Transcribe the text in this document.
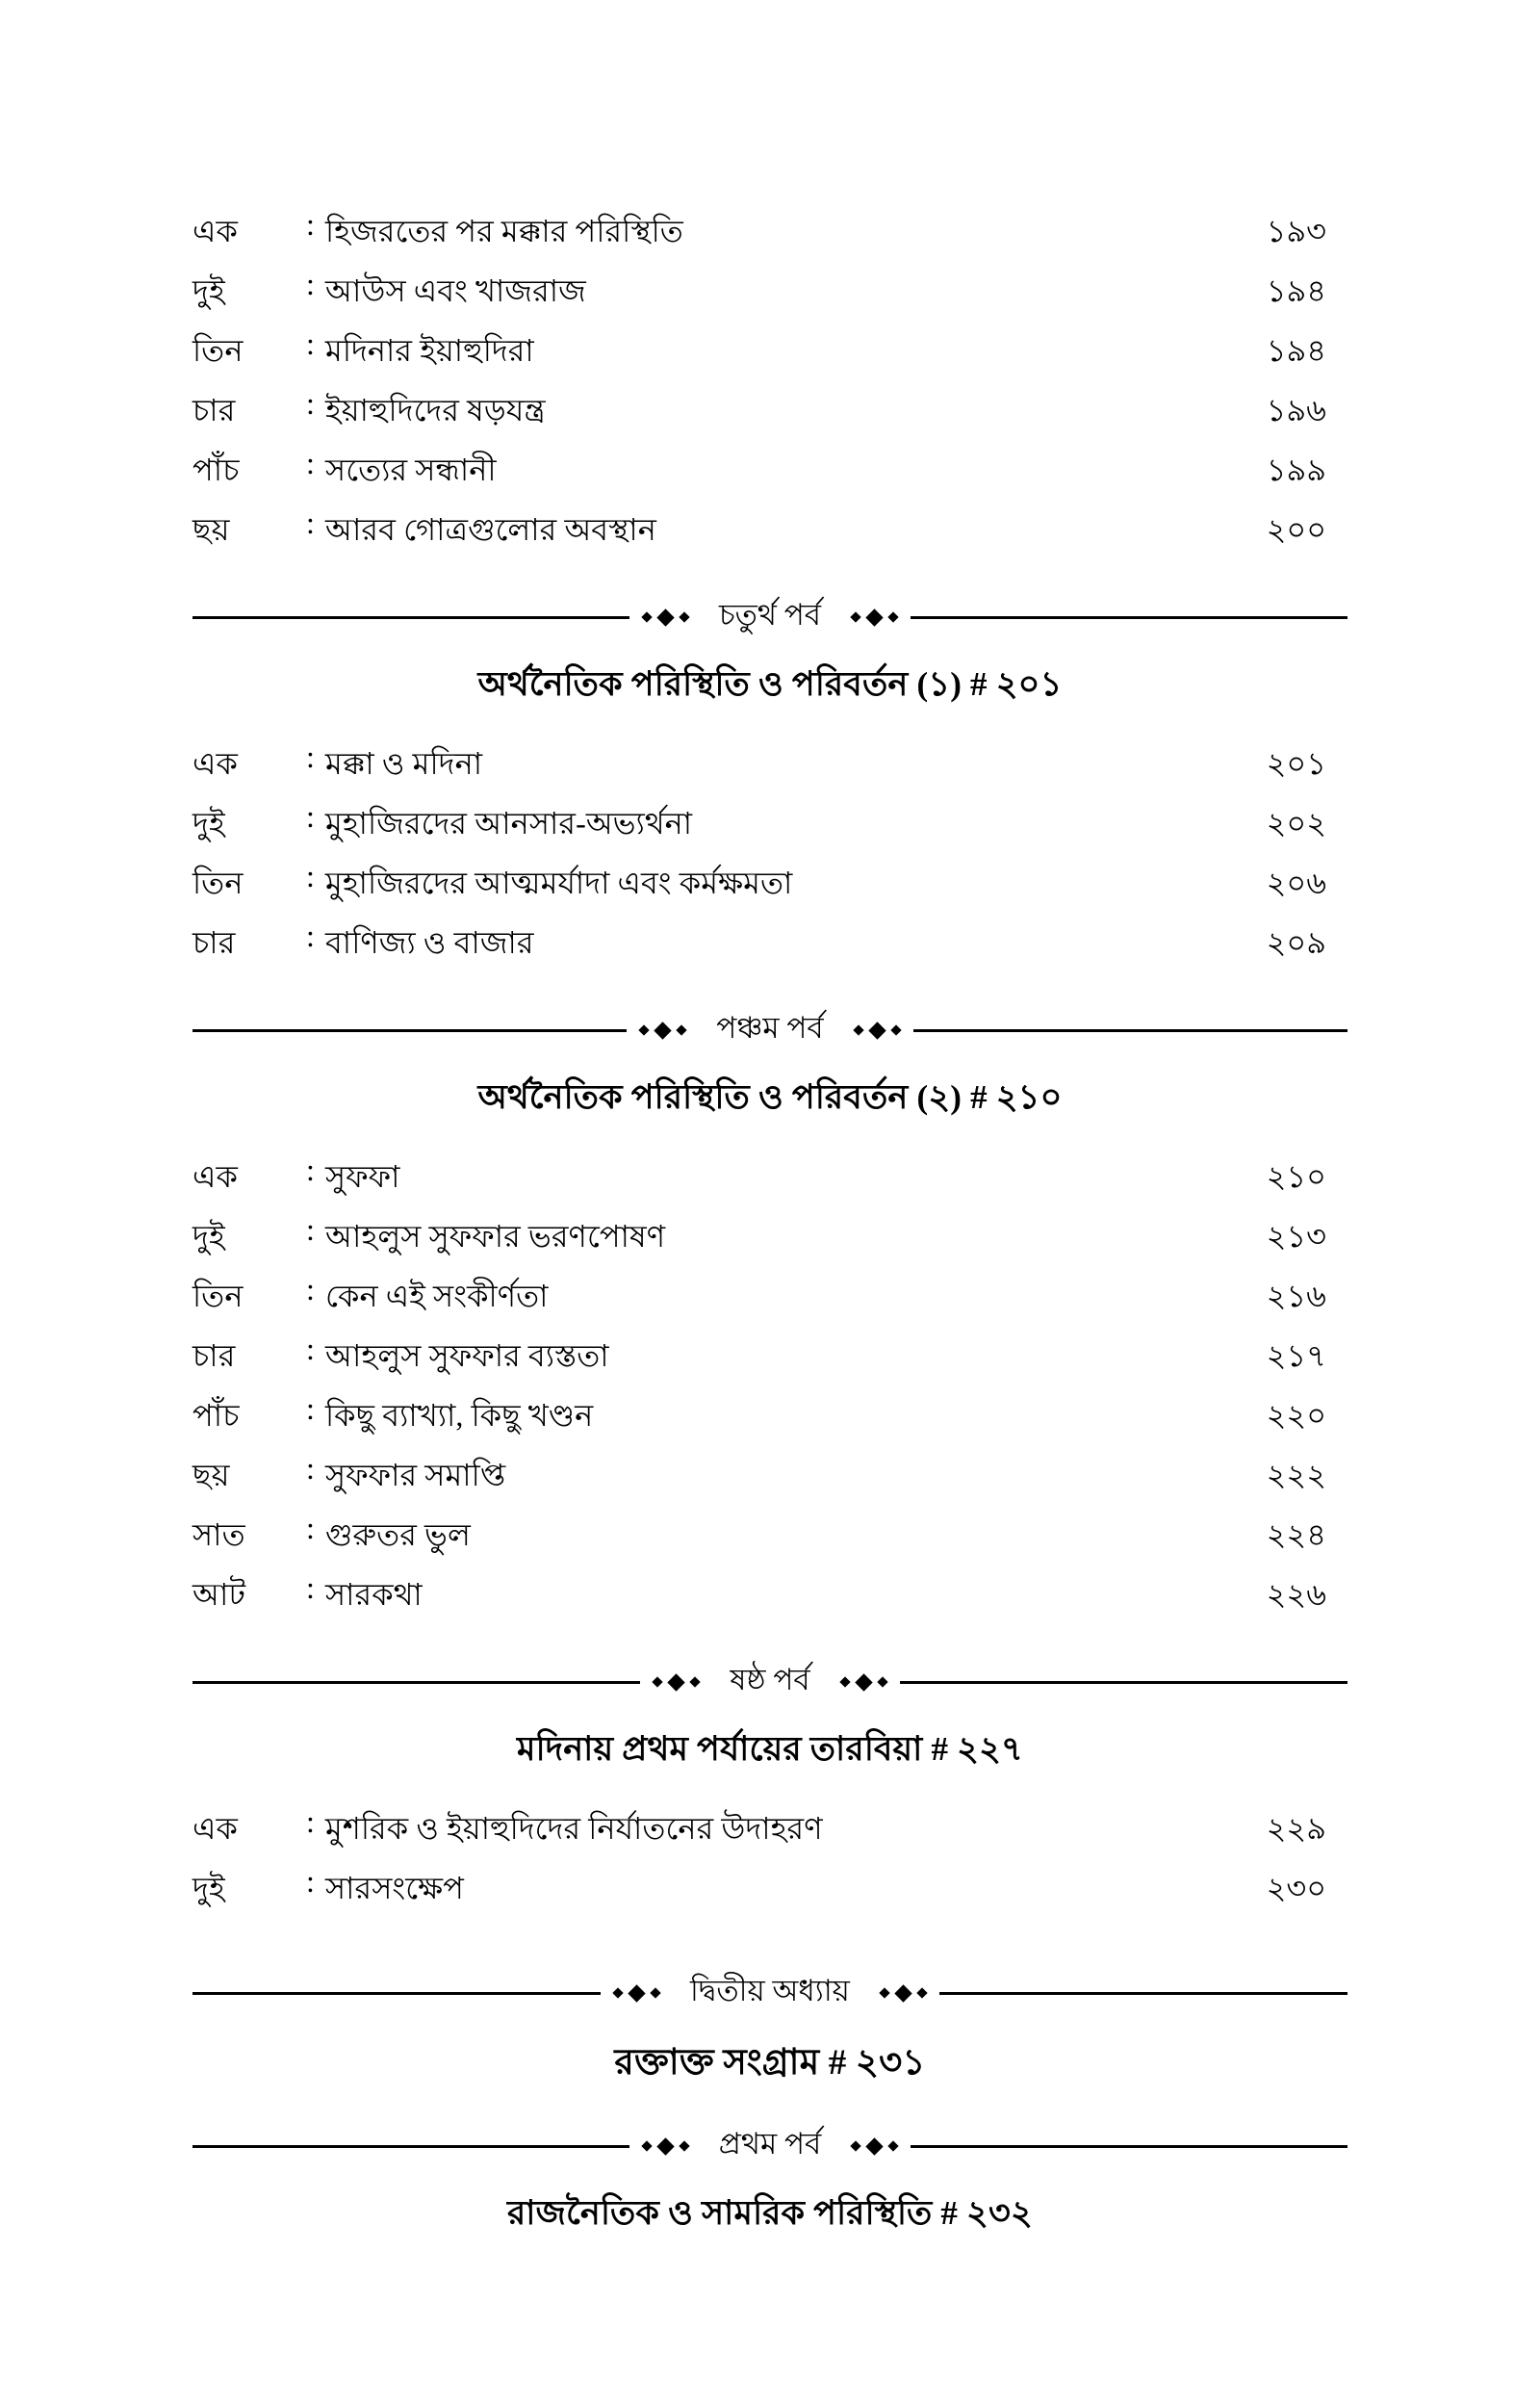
এক	:	হিজরতের পর মক্কার পরিস্থিতি	১৯৩
দুই	:	আউস এবং খাজরাজ	১৯৪
তিন	:	মদিনার ইয়াহুদিরা	১৯৪
চার	:	ইয়াহুদিদের ষড়যন্ত্র	১৯৬
পাঁচ	:	সত্যের সন্ধানী	১৯৯
ছয়	:	আরব গোত্রগুলোর অবস্থান	২০০
চতুর্থ পর্ব
অর্থনৈতিক পরিস্থিতি ও পরিবর্তন (১) # ২০১
এক	:	মক্কা ও মদিনা	২০১
দুই	:	মুহাজিরদের আনসার-অভ্যর্থনা	২০২
তিন	:	মুহাজিরদের আত্মমর্যাদা এবং কর্মক্ষমতা	২০৬
চার	:	বাণিজ্য ও বাজার	২০৯
পঞ্চম পর্ব
অর্থনৈতিক পরিস্থিতি ও পরিবর্তন (২) # ২১০
এক	:	সুফফা	২১০
দুই	:	আহলুস সুফফার ভরণপোষণ	২১৩
তিন	:	কেন এই সংকীর্ণতা	২১৬
চার	:	আহলুস সুফফার ব্যস্ততা	২১৭
পাঁচ	:	কিছু ব্যাখ্যা, কিছু খণ্ডন	২২০
ছয়	:	সুফফার সমাপ্তি	২২২
সাত	:	গুরুতর ভুল	২২৪
আট	:	সারকথা	২২৬
ষষ্ঠ পর্ব
মদিনায় প্রথম পর্যায়ের তারবিয়া # ২২৭
এক	:	মুশরিক ও ইয়াহুদিদের নির্যাতনের উদাহরণ	২২৯
দুই	:	সারসংক্ষেপ	২৩০
দ্বিতীয় অধ্যায়
রক্তাক্ত সংগ্রাম # ২৩১
প্রথম পর্ব
রাজনৈতিক ও সামরিক পরিস্থিতি # ২৩২
